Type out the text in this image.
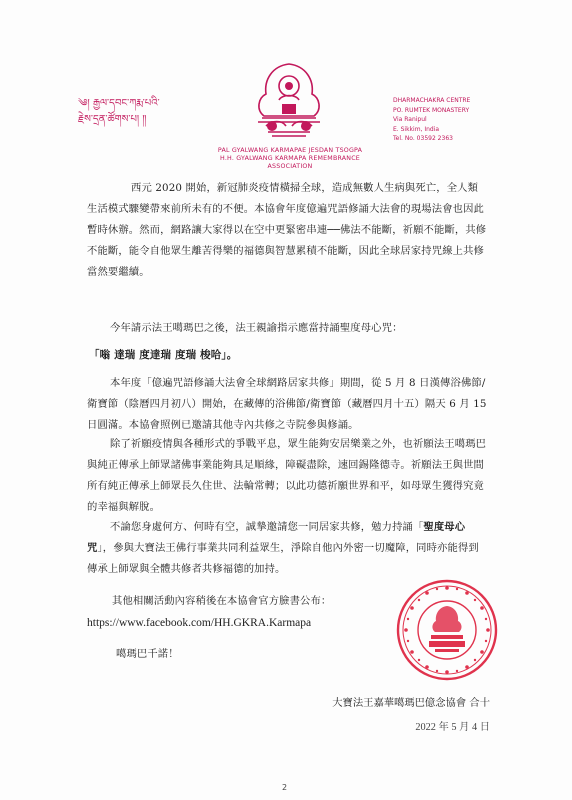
༄། རྒྱལ་དབང་ཀརྨ་པའི་
རྗེས་དྲན་ཚོགས་པ། ༎
PAL GYALWANG KARMAPAE JESDAN TSOGPA
H.H. GYALWANG KARMAPA REMEMBRANCE
ASSOCIATION
DHARMACHAKRA CENTRE
PO. RUMTEK MONASTERY
Via Ranipul
E. Sikkim, India
Tel. No. 03592 2363
西元 2020 開始，新冠肺炎疫情橫掃全球，造成無數人生病與死亡，全人類生活模式驟變帶來前所未有的不便。本協會年度億遍咒語修誦大法會的現場法會也因此暫時休辦。然而，網路讓大家得以在空中更緊密串連──佛法不能斷，祈願不能斷，共修不能斷，能令自他眾生離苦得樂的福德與智慧累積不能斷，因此全球居家持咒線上共修當然要繼續。
今年請示法王噶瑪巴之後，法王親諭指示應當持誦聖度母心咒：
「嗡 達瑞 度達瑞 度瑞 梭哈」。
本年度「億遍咒語修誦大法會全球網路居家共修」期間，從 5 月 8 日漢傳浴佛節/衛寶節（陰曆四月初八）開始，在藏傳的浴佛節/衛寶節（藏曆四月十五）隔天 6 月 15 日圓滿。本協會照例已邀請其他寺內共修之寺院參與修誦。
除了祈願疫情與各種形式的爭戰平息，眾生能夠安居樂業之外，也祈願法王噶瑪巴與純正傳承上師眾諸佛事業能夠具足順緣，障礙盡除，速回錫隆德寺。祈願法王與世間所有純正傳承上師眾長久住世、法輪常轉；以此功德祈願世界和平，如母眾生獲得究竟的幸福與解脫。
不論您身處何方、何時有空，誠摯邀請您一同居家共修，勉力持誦「聖度母心咒」，參與大寶法王佛行事業共同利益眾生，淨除自他內外密一切魔障，同時亦能得到傳承上師眾與全體共修者共修福德的加持。
其他相關活動內容稍後在本協會官方臉書公布：
https://www.facebook.com/HH.GKRA.Karmapa
噶瑪巴千諾！
大寶法王嘉華噶瑪巴億念協會 合十
2022 年 5 月 4 日
2
